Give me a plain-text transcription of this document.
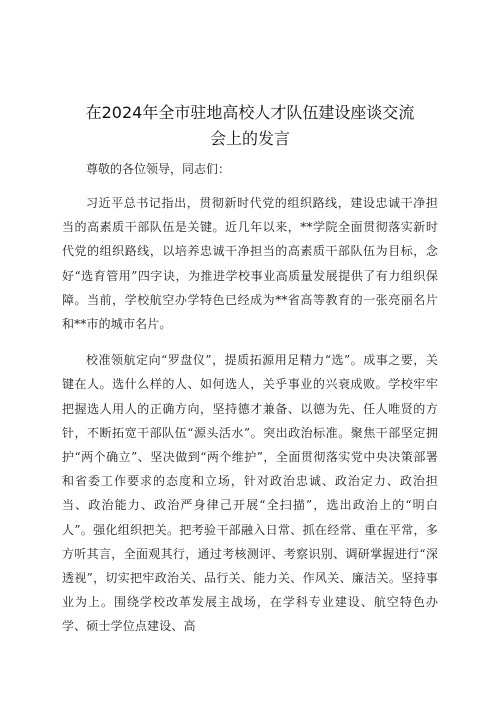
在2024年全市驻地高校人才队伍建设座谈交流
会上的发言

尊敬的各位领导，同志们：

习近平总书记指出，贯彻新时代党的组织路线，建设忠诚干净担当的高素质干部队伍是关键。近几年以来，**学院全面贯彻落实新时代党的组织路线，以培养忠诚干净担当的高素质干部队伍为目标，念好“选育管用”四字诀，为推进学校事业高质量发展提供了有力组织保障。当前，学校航空办学特色已经成为**省高等教育的一张亮丽名片和**市的城市名片。

校准领航定向“罗盘仪”，提质拓源用足精力“选”。成事之要，关键在人。选什么样的人、如何选人，关乎事业的兴衰成败。学校牢牢把握选人用人的正确方向，坚持德才兼备、以德为先、任人唯贤的方针，不断拓宽干部队伍“源头活水”。突出政治标准。聚焦干部坚定拥护“两个确立”、坚决做到“两个维护”，全面贯彻落实党中央决策部署和省委工作要求的态度和立场，针对政治忠诚、政治定力、政治担当、政治能力、政治严身律己开展“全扫描”，选出政治上的“明白人”。强化组织把关。把考验干部融入日常、抓在经常、重在平常，多方听其言，全面观其行，通过考核测评、考察识别、调研掌握进行“深透视”，切实把牢政治关、品行关、能力关、作风关、廉洁关。坚持事业为上。围绕学校改革发展主战场，在学科专业建设、航空特色办学、硕士学位点建设、高
